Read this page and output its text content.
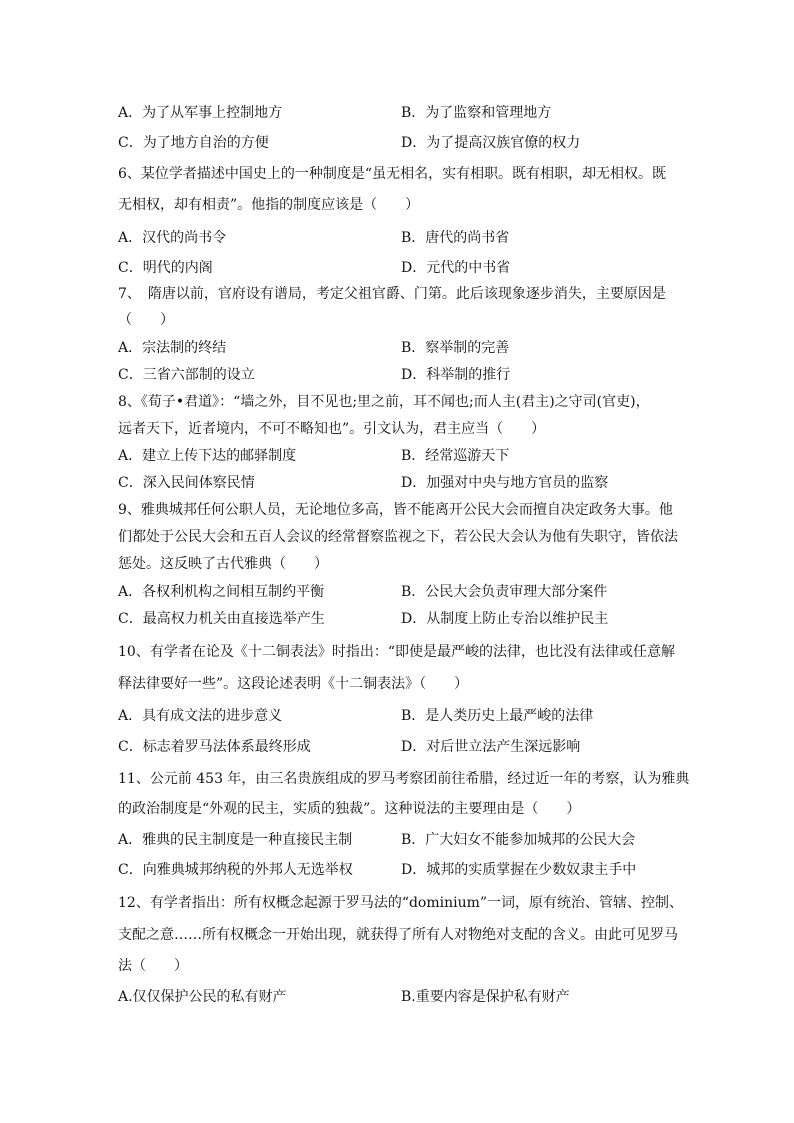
A．为了从军事上控制地方	B．为了监察和管理地方
C．为了地方自治的方便	D．为了提高汉族官僚的权力
6、某位学者描述中国史上的一种制度是“虽无相名，实有相职。既有相职，却无相权。既
无相权，却有相责”。他指的制度应该是（　　）
A．汉代的尚书令	B．唐代的尚书省
C．明代的内阁	D．元代的中书省
7、　隋唐以前，官府设有谱局，考定父祖官爵、门第。此后该现象逐步消失，主要原因是
（　　）
A．宗法制的终结	B．察举制的完善
C．三省六部制的设立	D．科举制的推行
8、《荀子•君道》：“墙之外，目不见也;里之前，耳不闻也;而人主(君主)之守司(官吏)，
远者天下，近者境内，不可不略知也”。引文认为，君主应当（　　）
A．建立上传下达的邮驿制度	B．经常巡游天下
C．深入民间体察民情	D．加强对中央与地方官员的监察
9、雅典城邦任何公职人员，无论地位多高，皆不能离开公民大会而擅自决定政务大事。他
们都处于公民大会和五百人会议的经常督察监视之下，若公民大会认为他有失职守，皆依法
惩处。这反映了古代雅典（　　）
A．各权利机构之间相互制约平衡	B．公民大会负责审理大部分案件
C．最高权力机关由直接选举产生	D．从制度上防止专治以维护民主
10、有学者在论及《十二铜表法》时指出：“即使是最严峻的法律，也比没有法律或任意解
释法律要好一些”。这段论述表明《十二铜表法》（　　）
A．具有成文法的进步意义	B．是人类历史上最严峻的法律
C．标志着罗马法体系最终形成	D．对后世立法产生深远影响
11、公元前 453 年，由三名贵族组成的罗马考察团前往希腊，经过近一年的考察，认为雅典
的政治制度是“外观的民主，实质的独裁”。这种说法的主要理由是（　　）
A．雅典的民主制度是一种直接民主制	B．广大妇女不能参加城邦的公民大会
C．向雅典城邦纳税的外邦人无选举权	D．城邦的实质掌握在少数奴隶主手中
12、有学者指出：所有权概念起源于罗马法的“dominium”一词，原有统治、管辖、控制、
支配之意……所有权概念一开始出现，就获得了所有人对物绝对支配的含义。由此可见罗马
法（　　）
A.仅仅保护公民的私有财产	B.重要内容是保护私有财产
